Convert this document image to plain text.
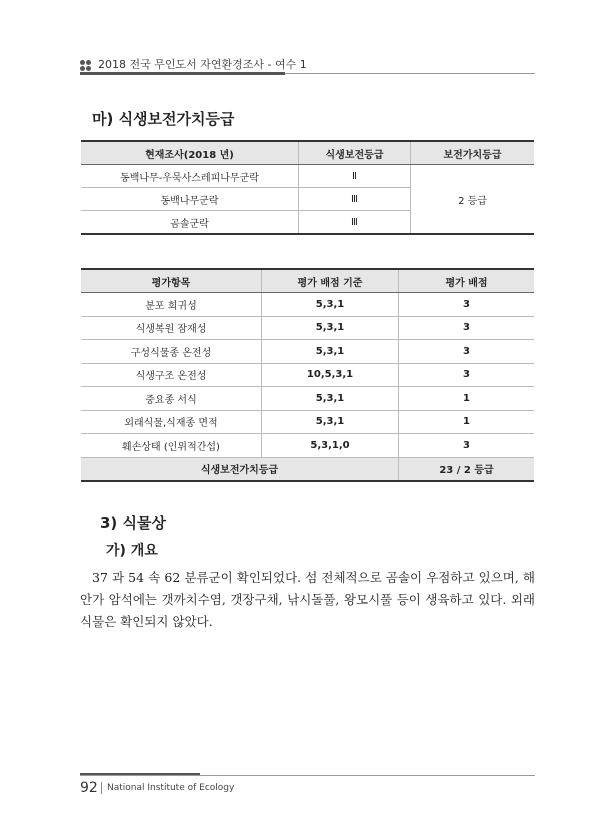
2018 전국 무인도서 자연환경조사 - 여수 1
마) 식생보전가치등급
현재조사(2018 년)	식생보전등급	보전가치등급
동백나무-우묵사스레피나무군락	Ⅱ	2 등급
동백나무군락	Ⅲ	
곰솔군락	Ⅲ	
평가항목	평가 배점 기준	평가 배점
분포 희귀성	5,3,1	3
식생복원 잠재성	5,3,1	3
구성식물종 온전성	5,3,1	3
식생구조 온전성	10,5,3,1	3
중요종 서식	5,3,1	1
외래식물,식재종 면적	5,3,1	1
훼손상태 (인위적간섭)	5,3,1,0	3
식생보전가치등급		23 / 2 등급
3) 식물상
가) 개요

37 과 54 속 62 분류군이 확인되었다. 섬 전체적으로 곰솔이 우점하고 있으며, 해안가 암석에는 갯까치수염, 갯장구채, 낚시돌풀, 왕모시풀 등이 생육하고 있다. 외래식물은 확인되지 않았다.

92 National Institute of Ecology
